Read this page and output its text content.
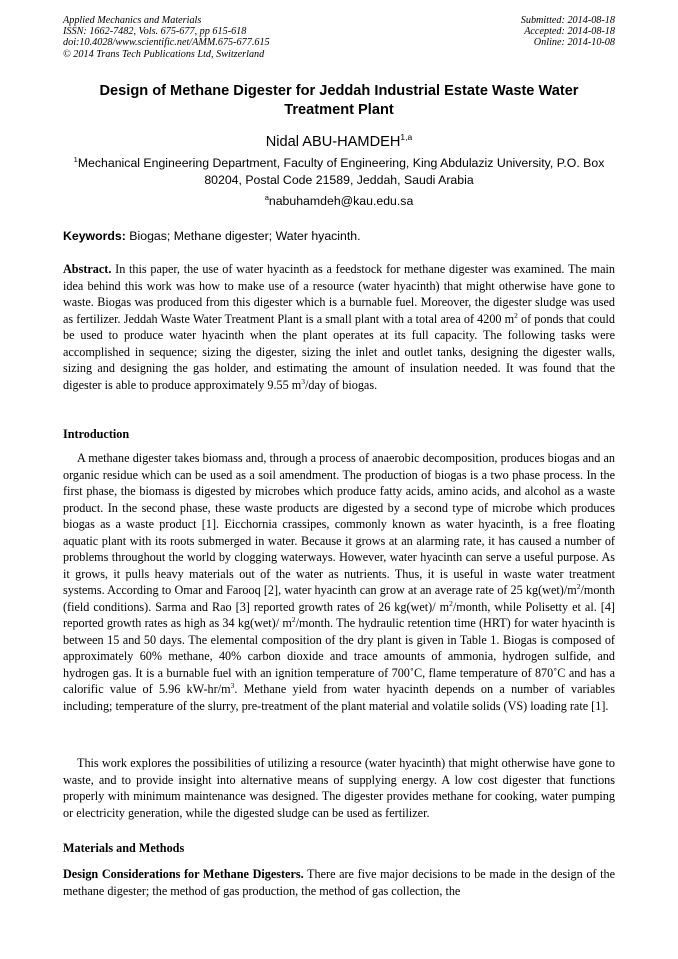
Applied Mechanics and Materials
ISSN: 1662-7482, Vols. 675-677, pp 615-618
doi:10.4028/www.scientific.net/AMM.675-677.615
© 2014 Trans Tech Publications Ltd, Switzerland
Submitted: 2014-08-18
Accepted: 2014-08-18
Online: 2014-10-08
Design of Methane Digester for Jeddah Industrial Estate Waste Water Treatment Plant
Nidal ABU-HAMDEH$^{1,a}$
$^1$Mechanical Engineering Department, Faculty of Engineering, King Abdulaziz University, P.O. Box 80204, Postal Code 21589, Jeddah, Saudi Arabia
$^a$nabuhamdeh@kau.edu.sa
Keywords: Biogas; Methane digester; Water hyacinth.
Abstract. In this paper, the use of water hyacinth as a feedstock for methane digester was examined. The main idea behind this work was how to make use of a resource (water hyacinth) that might otherwise have gone to waste. Biogas was produced from this digester which is a burnable fuel. Moreover, the digester sludge was used as fertilizer. Jeddah Waste Water Treatment Plant is a small plant with a total area of 4200 $m^2$ of ponds that could be used to produce water hyacinth when the plant operates at its full capacity. The following tasks were accomplished in sequence; sizing the digester, sizing the inlet and outlet tanks, designing the digester walls, sizing and designing the gas holder, and estimating the amount of insulation needed. It was found that the digester is able to produce approximately 9.55 $m^3$/day of biogas.
Introduction
A methane digester takes biomass and, through a process of anaerobic decomposition, produces biogas and an organic residue which can be used as a soil amendment. The production of biogas is a two phase process. In the first phase, the biomass is digested by microbes which produce fatty acids, amino acids, and alcohol as a waste product. In the second phase, these waste products are digested by a second type of microbe which produces biogas as a waste product [1]. Eicchornia crassipes, commonly known as water hyacinth, is a free floating aquatic plant with its roots submerged in water. Because it grows at an alarming rate, it has caused a number of problems throughout the world by clogging waterways. However, water hyacinth can serve a useful purpose. As it grows, it pulls heavy materials out of the water as nutrients. Thus, it is useful in waste water treatment systems. According to Omar and Farooq [2], water hyacinth can grow at an average rate of 25 $kg(wet)/m^2$/month (field conditions). Sarma and Rao [3] reported growth rates of 26 kg(wet)/ $m^2$/month, while Polisetty et al. [4] reported growth rates as high as 34 kg(wet)/ $m^2$/month. The hydraulic retention time (HRT) for water hyacinth is between 15 and 50 days. The elemental composition of the dry plant is given in Table 1. Biogas is composed of approximately 60% methane, 40% carbon dioxide and trace amounts of ammonia, hydrogen sulfide, and hydrogen gas. It is a burnable fuel with an ignition temperature of 700˚C, flame temperature of 870˚C and has a calorific value of 5.96 $kW-hr/m^3$. Methane yield from water hyacinth depends on a number of variables including; temperature of the slurry, pre-treatment of the plant material and volatile solids (VS) loading rate [1].
This work explores the possibilities of utilizing a resource (water hyacinth) that might otherwise have gone to waste, and to provide insight into alternative means of supplying energy. A low cost digester that functions properly with minimum maintenance was designed. The digester provides methane for cooking, water pumping or electricity generation, while the digested sludge can be used as fertilizer.
Materials and Methods
Design Considerations for Methane Digesters. There are five major decisions to be made in the design of the methane digester; the method of gas production, the method of gas collection, the
